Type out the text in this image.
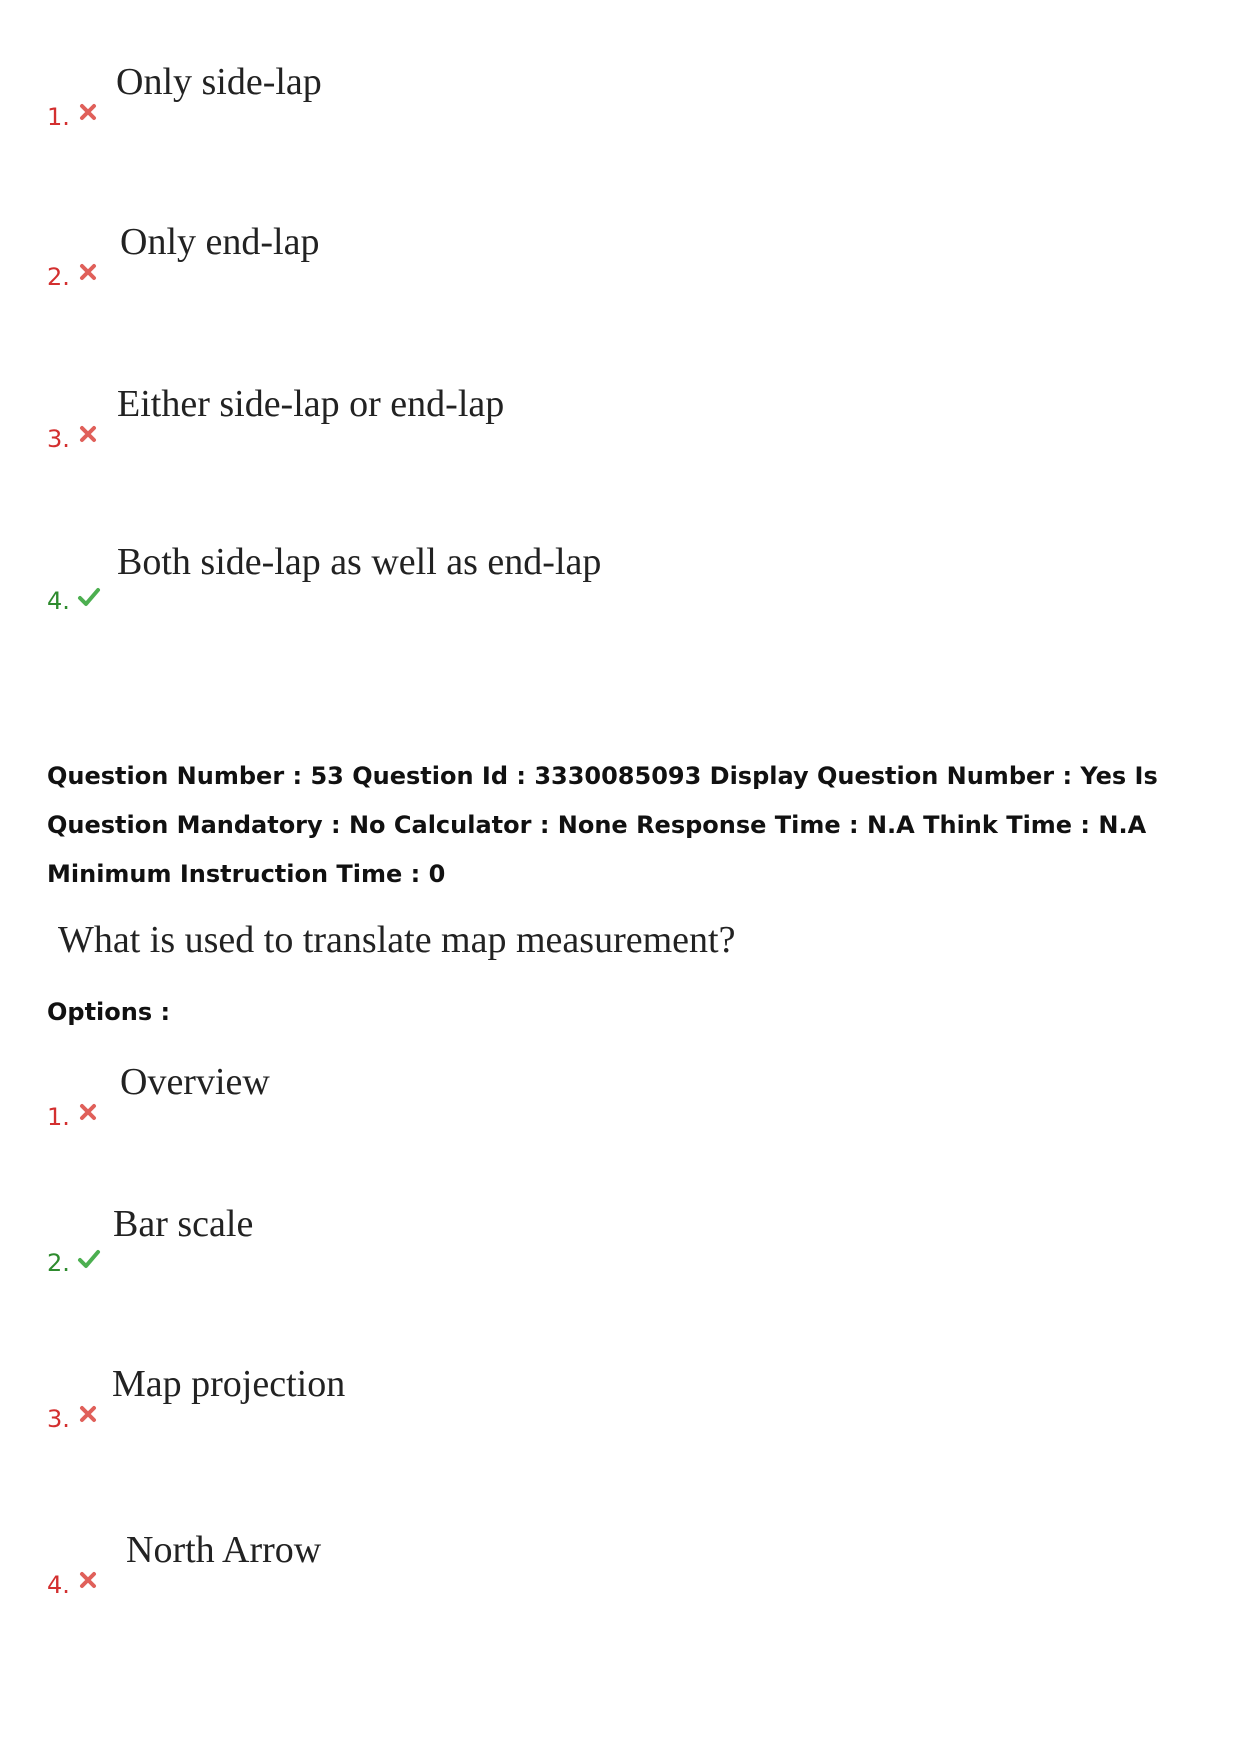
1.
Only side-lap
2.
Only end-lap
3.
Either side-lap or end-lap
4.
Both side-lap as well as end-lap
Question Number : 53 Question Id : 3330085093 Display Question Number : Yes Is Question Mandatory : No Calculator : None Response Time : N.A Think Time : N.A Minimum Instruction Time : 0
What is used to translate map measurement?
Options :
1.
Overview
2.
Bar scale
3.
Map projection
4.
North Arrow
